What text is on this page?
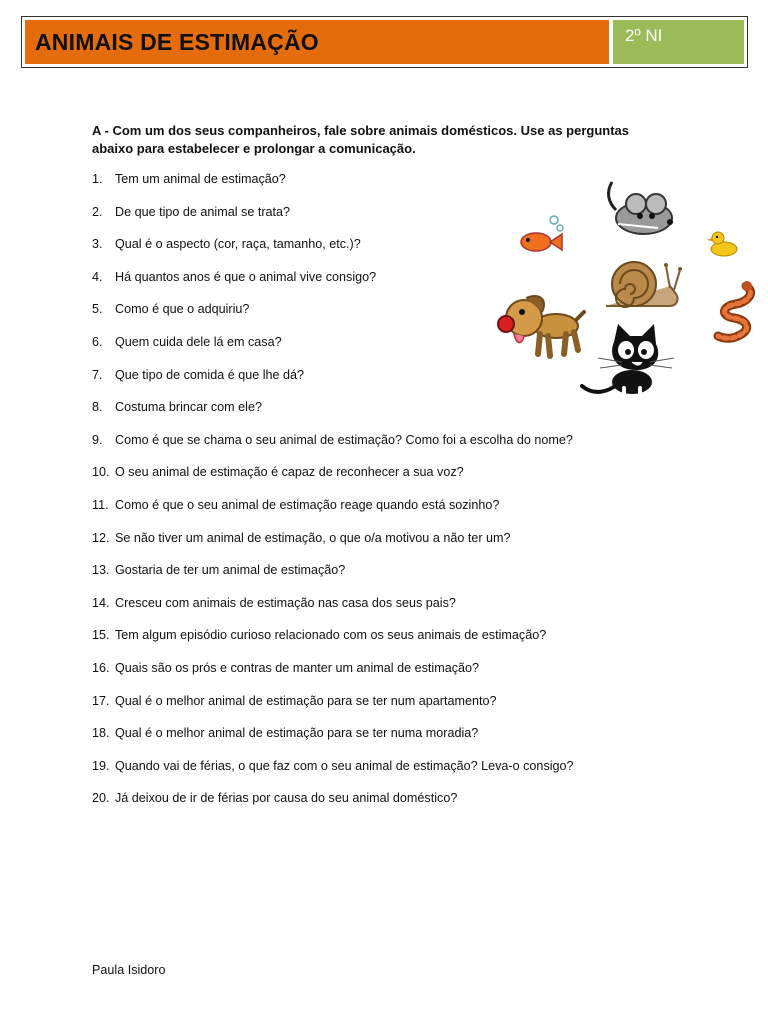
ANIMAIS DE ESTIMAÇÃO	2º NI
A - Com um dos seus companheiros, fale sobre animais domésticos. Use as perguntas abaixo para estabelecer e prolongar a comunicação.
1. Tem um animal de estimação?
2. De que tipo de animal se trata?
3. Qual é o aspecto (cor, raça, tamanho, etc.)?
4. Há quantos anos é que o animal vive consigo?
5. Como é que o adquiriu?
6. Quem cuida dele lá em casa?
7. Que tipo de comida é que lhe dá?
8. Costuma brincar com ele?
9. Como é que se chama o seu animal de estimação? Como foi a escolha do nome?
10. O seu animal de estimação é capaz de reconhecer a sua voz?
11. Como é que o seu animal de estimação reage quando está sozinho?
12. Se não tiver um animal de estimação, o que o/a motivou a não ter um?
13. Gostaria de ter um animal de estimação?
14. Cresceu com animais de estimação nas casa dos seus pais?
15. Tem algum episódio curioso relacionado com os seus animais de estimação?
16. Quais são os prós e contras de manter um animal de estimação?
17. Qual é o melhor animal de estimação para se ter num apartamento?
18. Qual é o melhor animal de estimação para se ter numa moradia?
19. Quando vai de férias, o que faz com o seu animal de estimação? Leva-o consigo?
20. Já deixou de ir de férias por causa do seu animal doméstico?
Paula Isidoro
